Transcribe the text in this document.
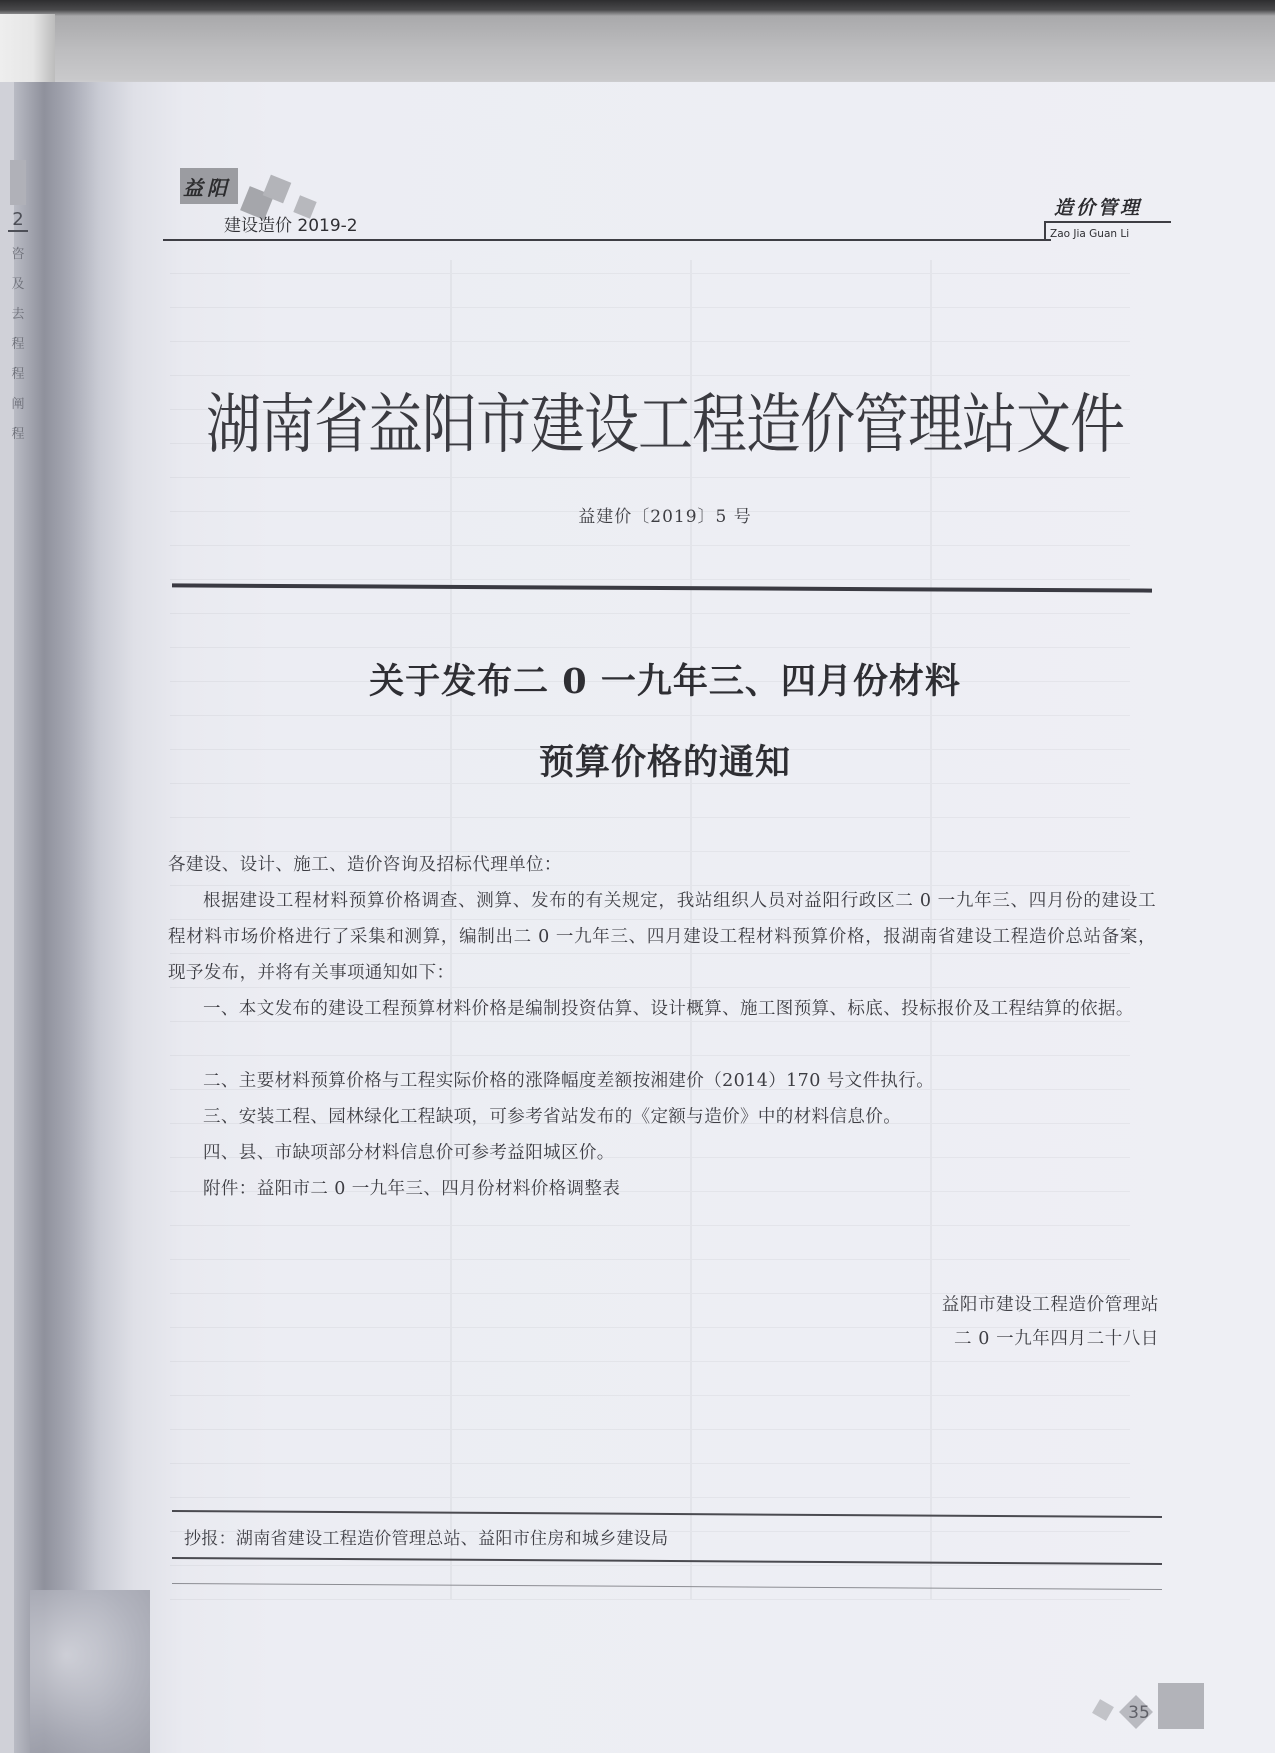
2
咨
及
去
程
程
阐
程
益阳
建设造价 2019-2
造价管理
Zao Jia Guan Li
湖南省益阳市建设工程造价管理站文件
益建价〔2019〕5 号
关于发布二 0 一九年三、四月份材料
预算价格的通知
各建设、设计、施工、造价咨询及招标代理单位：
根据建设工程材料预算价格调查、测算、发布的有关规定，我站组织人员对益阳行政区二 0 一九年三、四月份的建设工程材料市场价格进行了采集和测算，编制出二 0 一九年三、四月建设工程材料预算价格，报湖南省建设工程造价总站备案，现予发布，并将有关事项通知如下：
一、本文发布的建设工程预算材料价格是编制投资估算、设计概算、施工图预算、标底、投标报价及工程结算的依据。
二、主要材料预算价格与工程实际价格的涨降幅度差额按湘建价（2014）170 号文件执行。
三、安装工程、园林绿化工程缺项，可参考省站发布的《定额与造价》中的材料信息价。
四、县、市缺项部分材料信息价可参考益阳城区价。
附件：益阳市二 0 一九年三、四月份材料价格调整表
益阳市建设工程造价管理站
二 0 一九年四月二十八日
抄报：湖南省建设工程造价管理总站、益阳市住房和城乡建设局
35
